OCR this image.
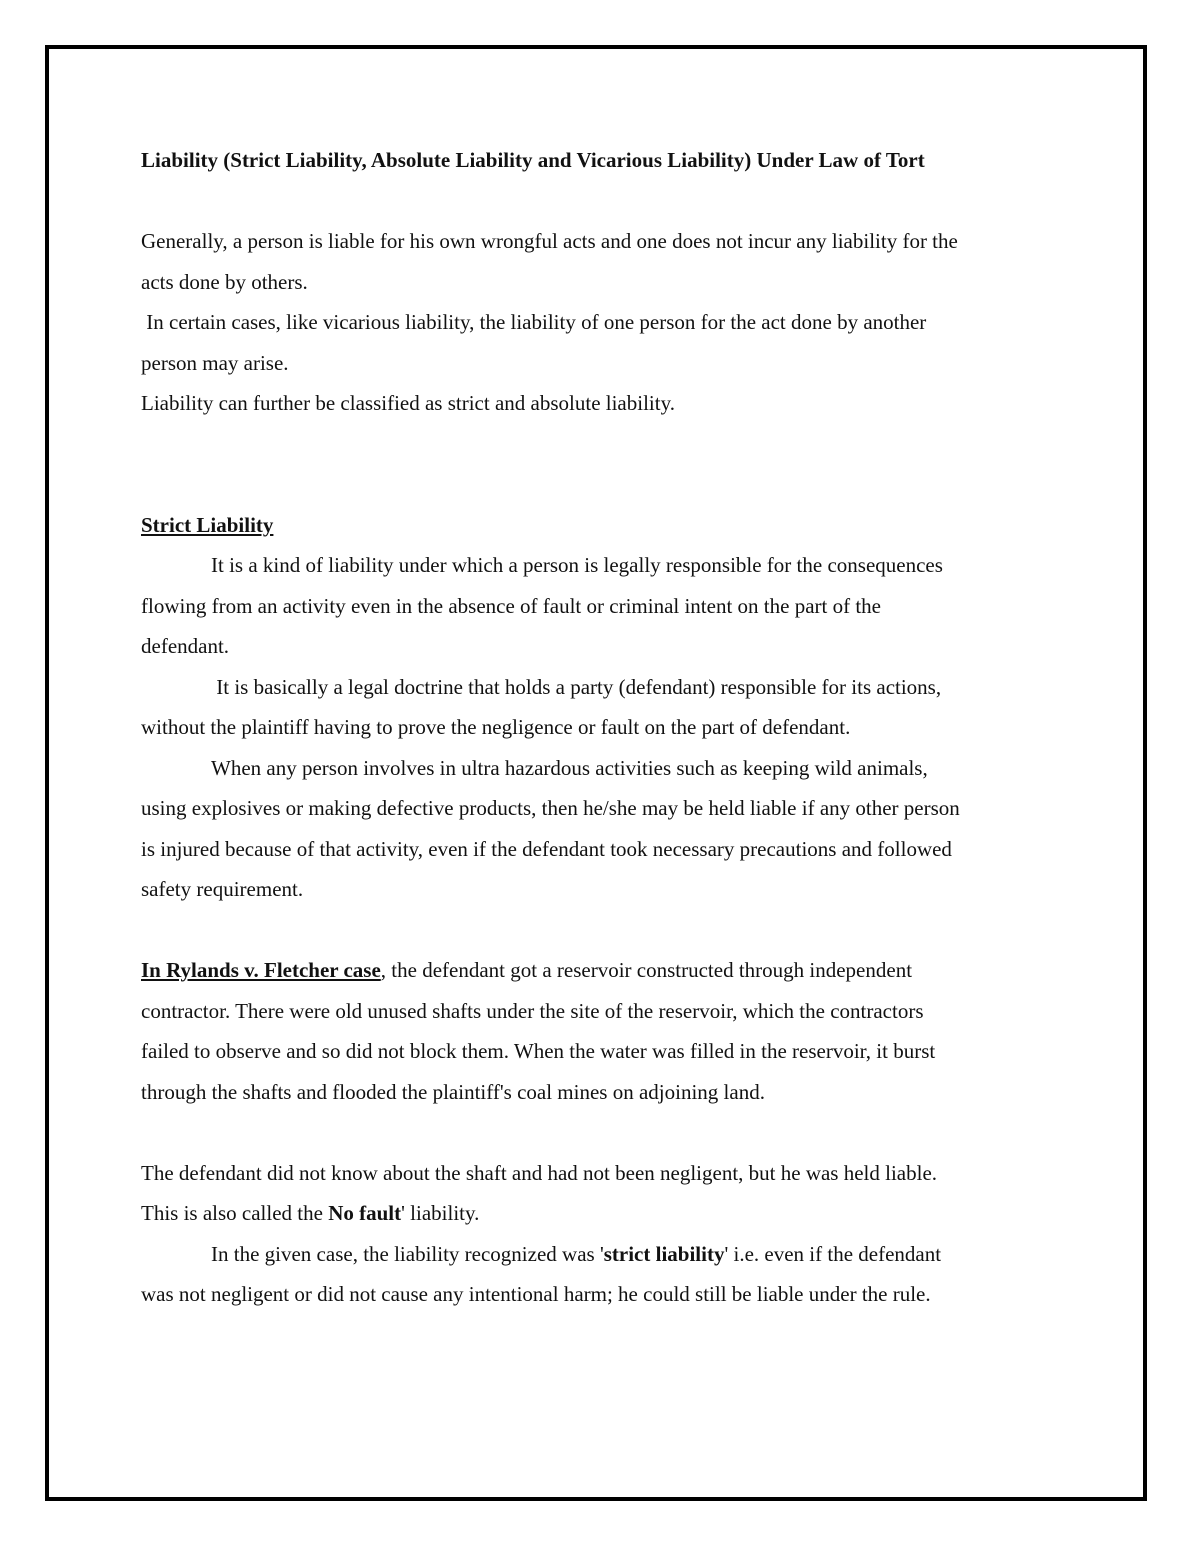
Liability (Strict Liability, Absolute Liability and Vicarious Liability) Under Law of Tort
Generally, a person is liable for his own wrongful acts and one does not incur any liability for the
acts done by others.
In certain cases, like vicarious liability, the liability of one person for the act done by another
person may arise.
Liability can further be classified as strict and absolute liability.
Strict Liability
It is a kind of liability under which a person is legally responsible for the consequences
flowing from an activity even in the absence of fault or criminal intent on the part of the
defendant.
It is basically a legal doctrine that holds a party (defendant) responsible for its actions,
without the plaintiff having to prove the negligence or fault on the part of defendant.
When any person involves in ultra hazardous activities such as keeping wild animals,
using explosives or making defective products, then he/she may be held liable if any other person
is injured because of that activity, even if the defendant took necessary precautions and followed
safety requirement.
In Rylands v. Fletcher case, the defendant got a reservoir constructed through independent
contractor. There were old unused shafts under the site of the reservoir, which the contractors
failed to observe and so did not block them. When the water was filled in the reservoir, it burst
through the shafts and flooded the plaintiff's coal mines on adjoining land.
The defendant did not know about the shaft and had not been negligent, but he was held liable.
This is also called the No fault' liability.
In the given case, the liability recognized was 'strict liability' i.e. even if the defendant
was not negligent or did not cause any intentional harm; he could still be liable under the rule.
